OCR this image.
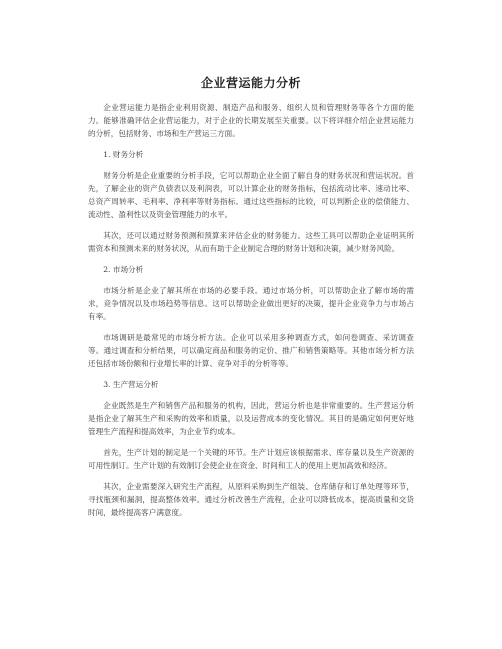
企业营运能力分析

企业营运能力是指企业利用资源、制造产品和服务、组织人员和管理财务等各个方面的能力。能够准确评估企业营运能力，对于企业的长期发展至关重要。以下将详细介绍企业营运能力的分析，包括财务、市场和生产营运三方面。

1. 财务分析

财务分析是企业重要的分析手段，它可以帮助企业全面了解自身的财务状况和营运状况。首先，了解企业的资产负债表以及利润表，可以计算企业的财务指标，包括流动比率、速动比率、总资产周转率、毛利率、净利率等财务指标。通过这些指标的比较，可以判断企业的偿债能力、流动性、盈利性以及资金管理能力的水平。

其次，还可以通过财务预测和预算来评估企业的财务能力。这些工具可以帮助企业证明其所需资本和预测未来的财务状况，从而有助于企业制定合理的财务计划和决策，减少财务风险。

2. 市场分析

市场分析是企业了解其所在市场的必要手段。通过市场分析，可以帮助企业了解市场的需求，竞争情况以及市场趋势等信息。这可以帮助企业做出更好的决策，提升企业竞争力与市场占有率。

市场调研是最常见的市场分析方法。企业可以采用多种调查方式，如问卷调查、采访调查等。通过调查和分析结果，可以确定商品和服务的定价、推广和销售策略等。其他市场分析方法还包括市场份额和行业增长率的计算、竞争对手的分析等等。

3. 生产营运分析

企业既然是生产和销售产品和服务的机构，因此，营运分析也是非常重要的。生产营运分析是指企业了解其生产和采购的效率和质量，以及运营成本的变化情况。其目的是确定如何更好地管理生产流程和提高效率，为企业节约成本。

首先，生产计划的制定是一个关键的环节。生产计划应该根据需求、库存量以及生产资源的可用性制订。生产计划的有效制订会使企业在资金、时间和工人的使用上更加高效和经济。

其次，企业需要深入研究生产流程，从原料采购到生产组装、仓库储存和订单处理等环节，寻找瓶颈和漏洞，提高整体效率。通过分析改善生产流程，企业可以降低成本，提高质量和交货时间，最终提高客户满意度。
